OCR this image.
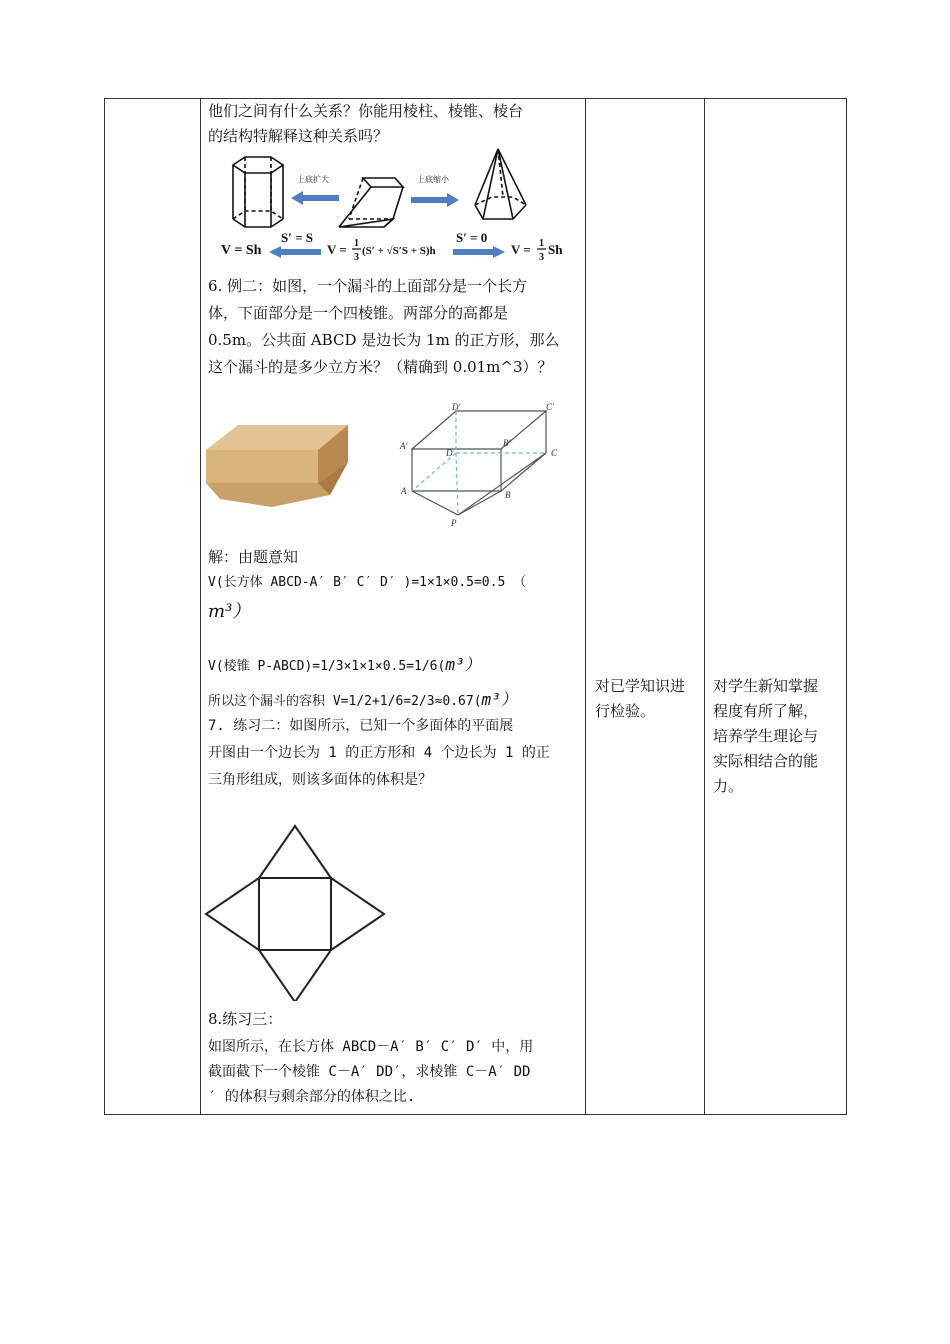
他们之间有什么关系？你能用棱柱、棱锥、棱台
的结构特解释这种关系吗？
上底扩大	上底缩小
V = Sh
S′ = S
V = 1
3
(S′ + √S′S + S)h
S′ = 0
V = 1
3
Sh
6. 例二：如图，一个漏斗的上面部分是一个长方
体，下面部分是一个四棱锥。两部分的高都是
0.5m。公共面 ABCD 是边长为 1m 的正方形，那么
这个漏斗的是多少立方米？（精确到 0.01m^3）？
D′	C′
A′	B′
D	C
A	B
P
解：由题意知
V(长方体 ABCD-A′ B′ C′ D′ )=1×1×0.5=0.5 （
m³）
V(棱锥 P-ABCD)=1/3×1×1×0.5=1/6(m³）
所以这个漏斗的容积 V=1/2+1/6=2/3≈0.67(m³）
7. 练习二：如图所示，已知一个多面体的平面展
开图由一个边长为 1 的正方形和 4 个边长为 1 的正
三角形组成，则该多面体的体积是？
8.练习三：
如图所示，在长方体 ABCD－A′ B′ C′ D′ 中，用
截面截下一个棱锥 C－A′ DD′，求棱锥 C－A′ DD
′ 的体积与剩余部分的体积之比.

对已学知识进
行检验。

对学生新知掌握
程度有所了解，
培养学生理论与
实际相结合的能
力。
